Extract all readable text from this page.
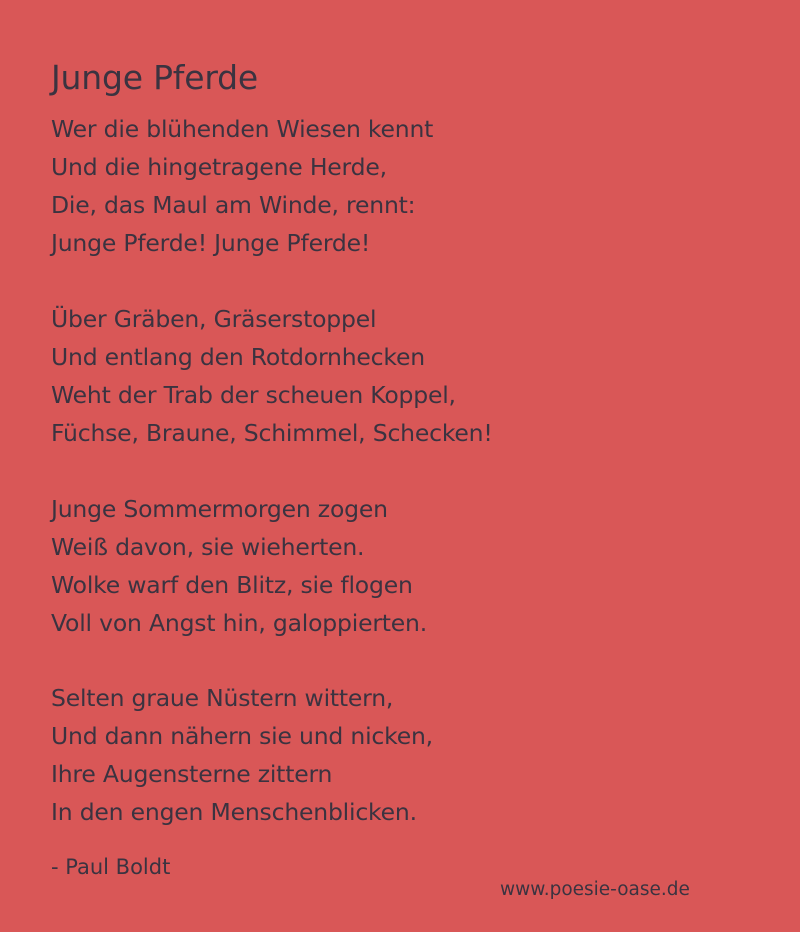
Junge Pferde
Wer die blühenden Wiesen kennt
Und die hingetragene Herde,
Die, das Maul am Winde, rennt:
Junge Pferde! Junge Pferde!
Über Gräben, Gräserstoppel
Und entlang den Rotdornhecken
Weht der Trab der scheuen Koppel,
Füchse, Braune, Schimmel, Schecken!
Junge Sommermorgen zogen
Weiß davon, sie wieherten.
Wolke warf den Blitz, sie flogen
Voll von Angst hin, galoppierten.
Selten graue Nüstern wittern,
Und dann nähern sie und nicken,
Ihre Augensterne zittern
In den engen Menschenblicken.
- Paul Boldt
www.poesie-oase.de
